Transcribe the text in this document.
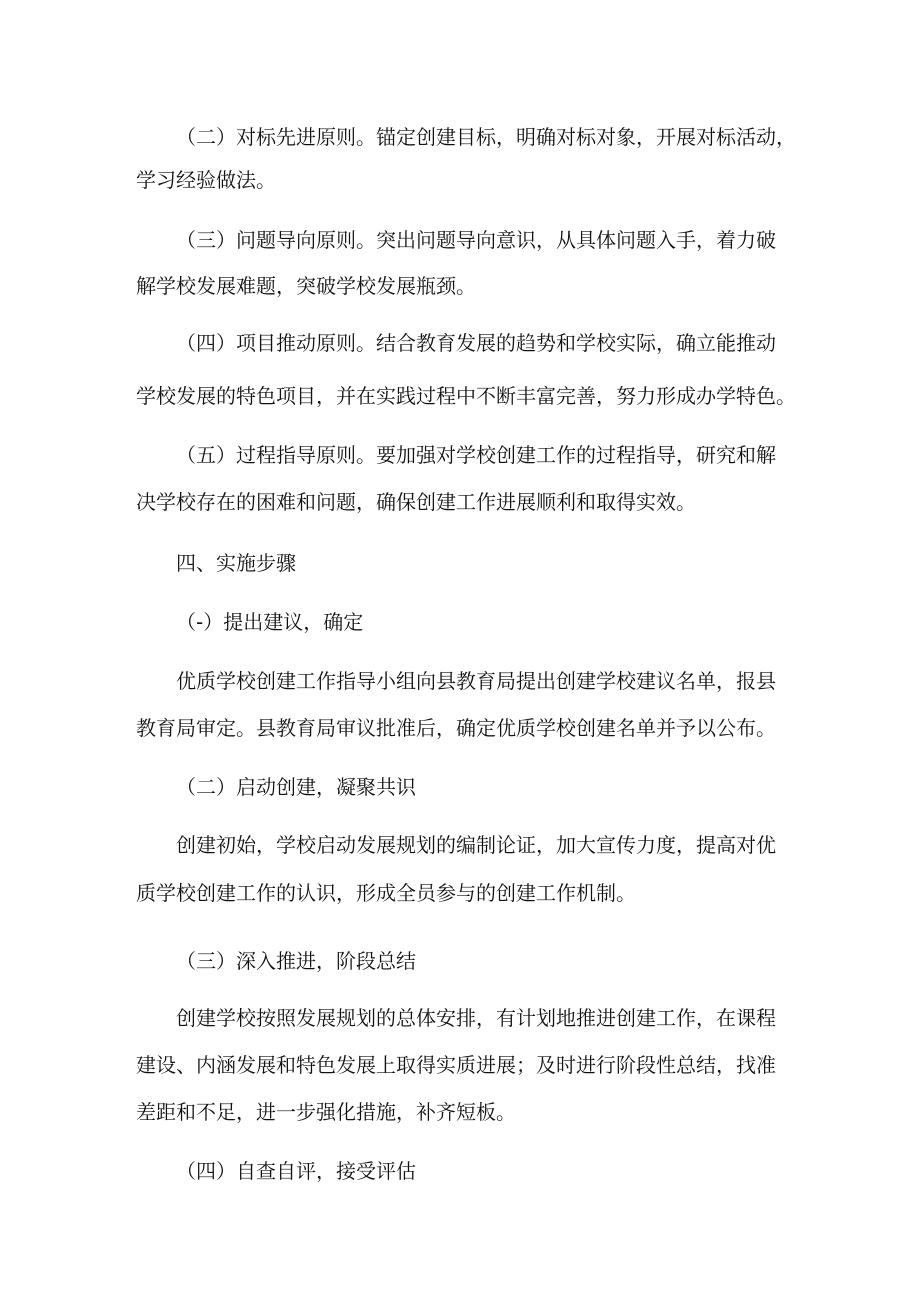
（二）对标先进原则。锚定创建目标，明确对标对象，开展对标活动，
学习经验做法。
（三）问题导向原则。突出问题导向意识，从具体问题入手，着力破
解学校发展难题，突破学校发展瓶颈。
（四）项目推动原则。结合教育发展的趋势和学校实际，确立能推动
学校发展的特色项目，并在实践过程中不断丰富完善，努力形成办学特色。
（五）过程指导原则。要加强对学校创建工作的过程指导，研究和解
决学校存在的困难和问题，确保创建工作进展顺利和取得实效。
四、实施步骤
（-）提出建议，确定
优质学校创建工作指导小组向县教育局提出创建学校建议名单，报县
教育局审定。县教育局审议批准后，确定优质学校创建名单并予以公布。
（二）启动创建，凝聚共识
创建初始，学校启动发展规划的编制论证，加大宣传力度，提高对优
质学校创建工作的认识，形成全员参与的创建工作机制。
（三）深入推进，阶段总结
创建学校按照发展规划的总体安排，有计划地推进创建工作，在课程
建设、内涵发展和特色发展上取得实质进展；及时进行阶段性总结，找准
差距和不足，进一步强化措施，补齐短板。
（四）自查自评，接受评估
